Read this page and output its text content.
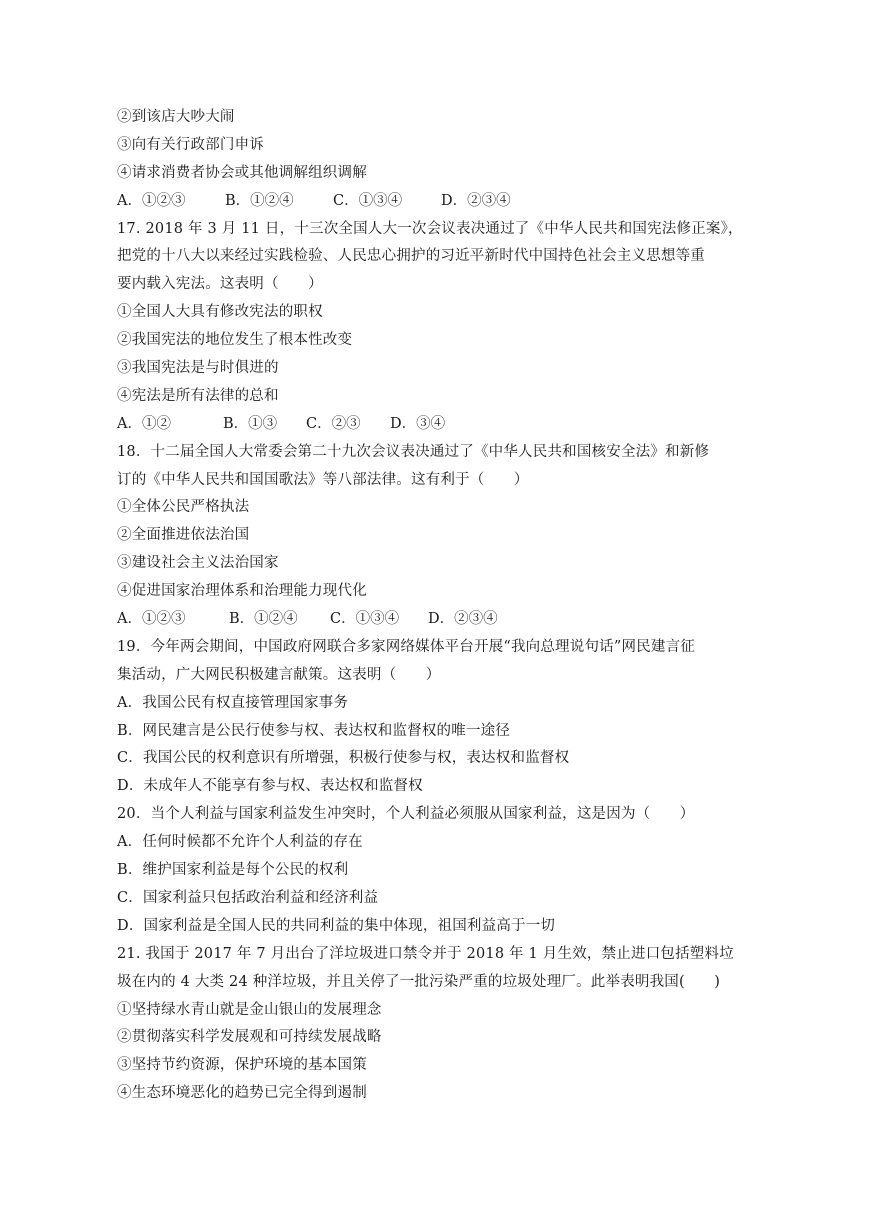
②到该店大吵大闹
③向有关行政部门申诉
④请求消费者协会或其他调解组织调解
A．①②③	B．①②④	C．①③④	D．②③④
17. 2018 年 3 月 11 日，十三次全国人大一次会议表决通过了《中华人民共和国宪法修正案》，
把党的十八大以来经过实践检验、人民忠心拥护的习近平新时代中国持色社会主义思想等重
要内载入宪法。这表明（　　）
①全国人大具有修改宪法的职权
②我国宪法的地位发生了根本性改变
③我国宪法是与时俱进的
④宪法是所有法律的总和
A．①②	B．①③	C．②③	D．③④
18．十二届全国人大常委会第二十九次会议表决通过了《中华人民共和国核安全法》和新修
订的《中华人民共和国国歌法》等八部法律。这有利于（　　）
①全体公民严格执法
②全面推进依法治国
③建设社会主义法治国家
④促进国家治理体系和治理能力现代化
A．①②③	B．①②④	C．①③④	D．②③④
19．今年两会期间，中国政府网联合多家网络媒体平台开展“我向总理说句话”网民建言征
集活动，广大网民积极建言献策。这表明（　　）
A．我国公民有权直接管理国家事务
B．网民建言是公民行使参与权、表达权和监督权的唯一途径
C．我国公民的权利意识有所增强，积极行使参与权，表达权和监督权
D．未成年人不能享有参与权、表达权和监督权
20．当个人利益与国家利益发生冲突时，个人利益必须服从国家利益，这是因为（　　）
A．任何时候都不允许个人利益的存在
B．维护国家利益是每个公民的权利
C．国家利益只包括政治利益和经济利益
D．国家利益是全国人民的共同利益的集中体现，祖国利益高于一切
21. 我国于 2017 年 7 月出台了洋垃圾进口禁令并于 2018 年 1 月生效，禁止进口包括塑料垃
圾在内的 4 大类 24 种洋垃圾，并且关停了一批污染严重的垃圾处理厂。此举表明我国(　　)
①坚持绿水青山就是金山银山的发展理念
②贯彻落实科学发展观和可持续发展战略
③坚持节约资源，保护环境的基本国策
④生态环境恶化的趋势已完全得到遏制
